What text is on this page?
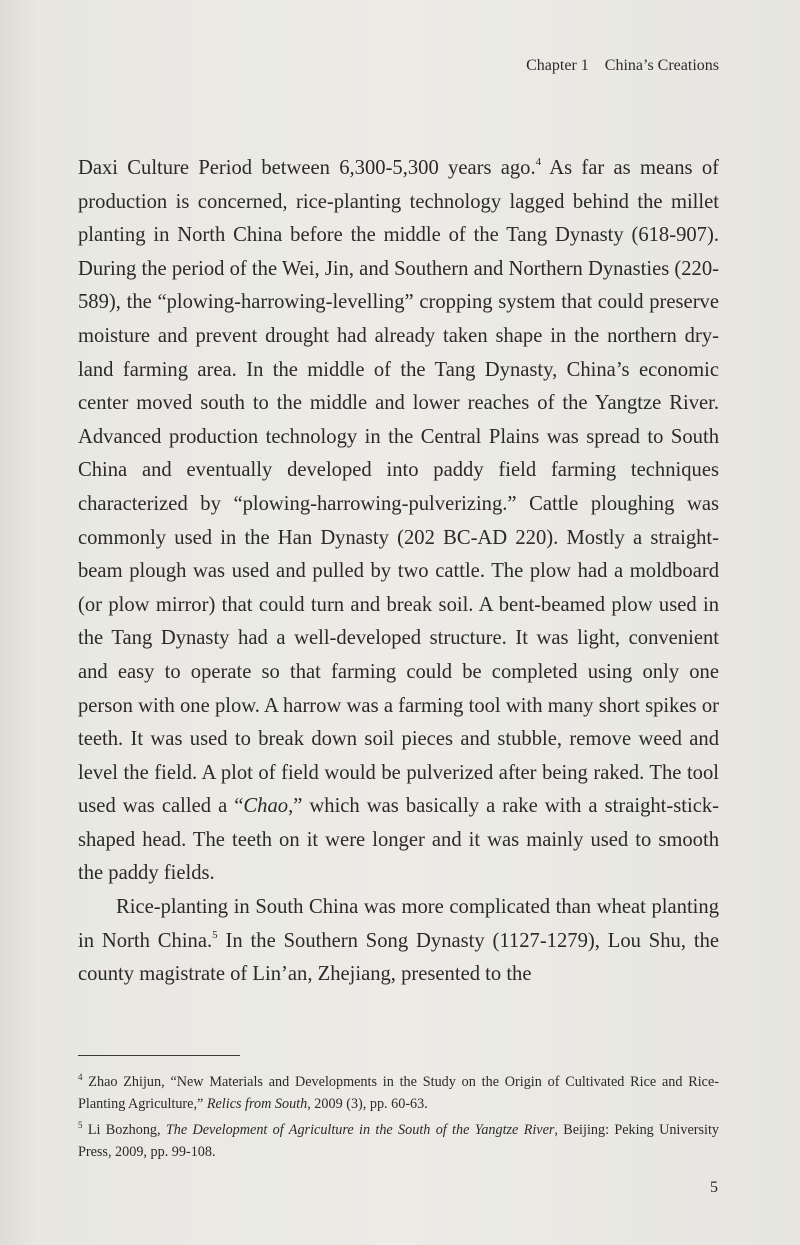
Chapter 1 China’s Creations

Daxi Culture Period between 6,300-5,300 years ago.$^4$ As far as means of production is concerned, rice-planting technology lagged behind the millet planting in North China before the middle of the Tang Dynasty (618-907). During the period of the Wei, Jin, and Southern and Northern Dynasties (220-589), the “plowing-harrowing-levelling” cropping system that could preserve moisture and prevent drought had already taken shape in the northern dry-land farming area. In the middle of the Tang Dynasty, China’s economic center moved south to the middle and lower reaches of the Yangtze River. Advanced production technology in the Central Plains was spread to South China and eventually developed into paddy field farming techniques characterized by “plowing-harrowing-pulverizing.” Cattle ploughing was commonly used in the Han Dynasty (202 BC-AD 220). Mostly a straight-beam plough was used and pulled by two cattle. The plow had a moldboard (or plow mirror) that could turn and break soil. A bent-beamed plow used in the Tang Dynasty had a well-developed structure. It was light, convenient and easy to operate so that farming could be completed using only one person with one plow. A harrow was a farming tool with many short spikes or teeth. It was used to break down soil pieces and stubble, remove weed and level the field. A plot of field would be pulverized after being raked. The tool used was called a “Chao,” which was basically a rake with a straight-stick-shaped head. The teeth on it were longer and it was mainly used to smooth the paddy fields.

Rice-planting in South China was more complicated than wheat planting in North China.$^5$ In the Southern Song Dynasty (1127-1279), Lou Shu, the county magistrate of Lin’an, Zhejiang, presented to the

$^4$ Zhao Zhijun, “New Materials and Developments in the Study on the Origin of Cultivated Rice and Rice-Planting Agriculture,” Relics from South, 2009 (3), pp. 60-63.

$^5$ Li Bozhong, The Development of Agriculture in the South of the Yangtze River, Beijing: Peking University Press, 2009, pp. 99-108.

5
